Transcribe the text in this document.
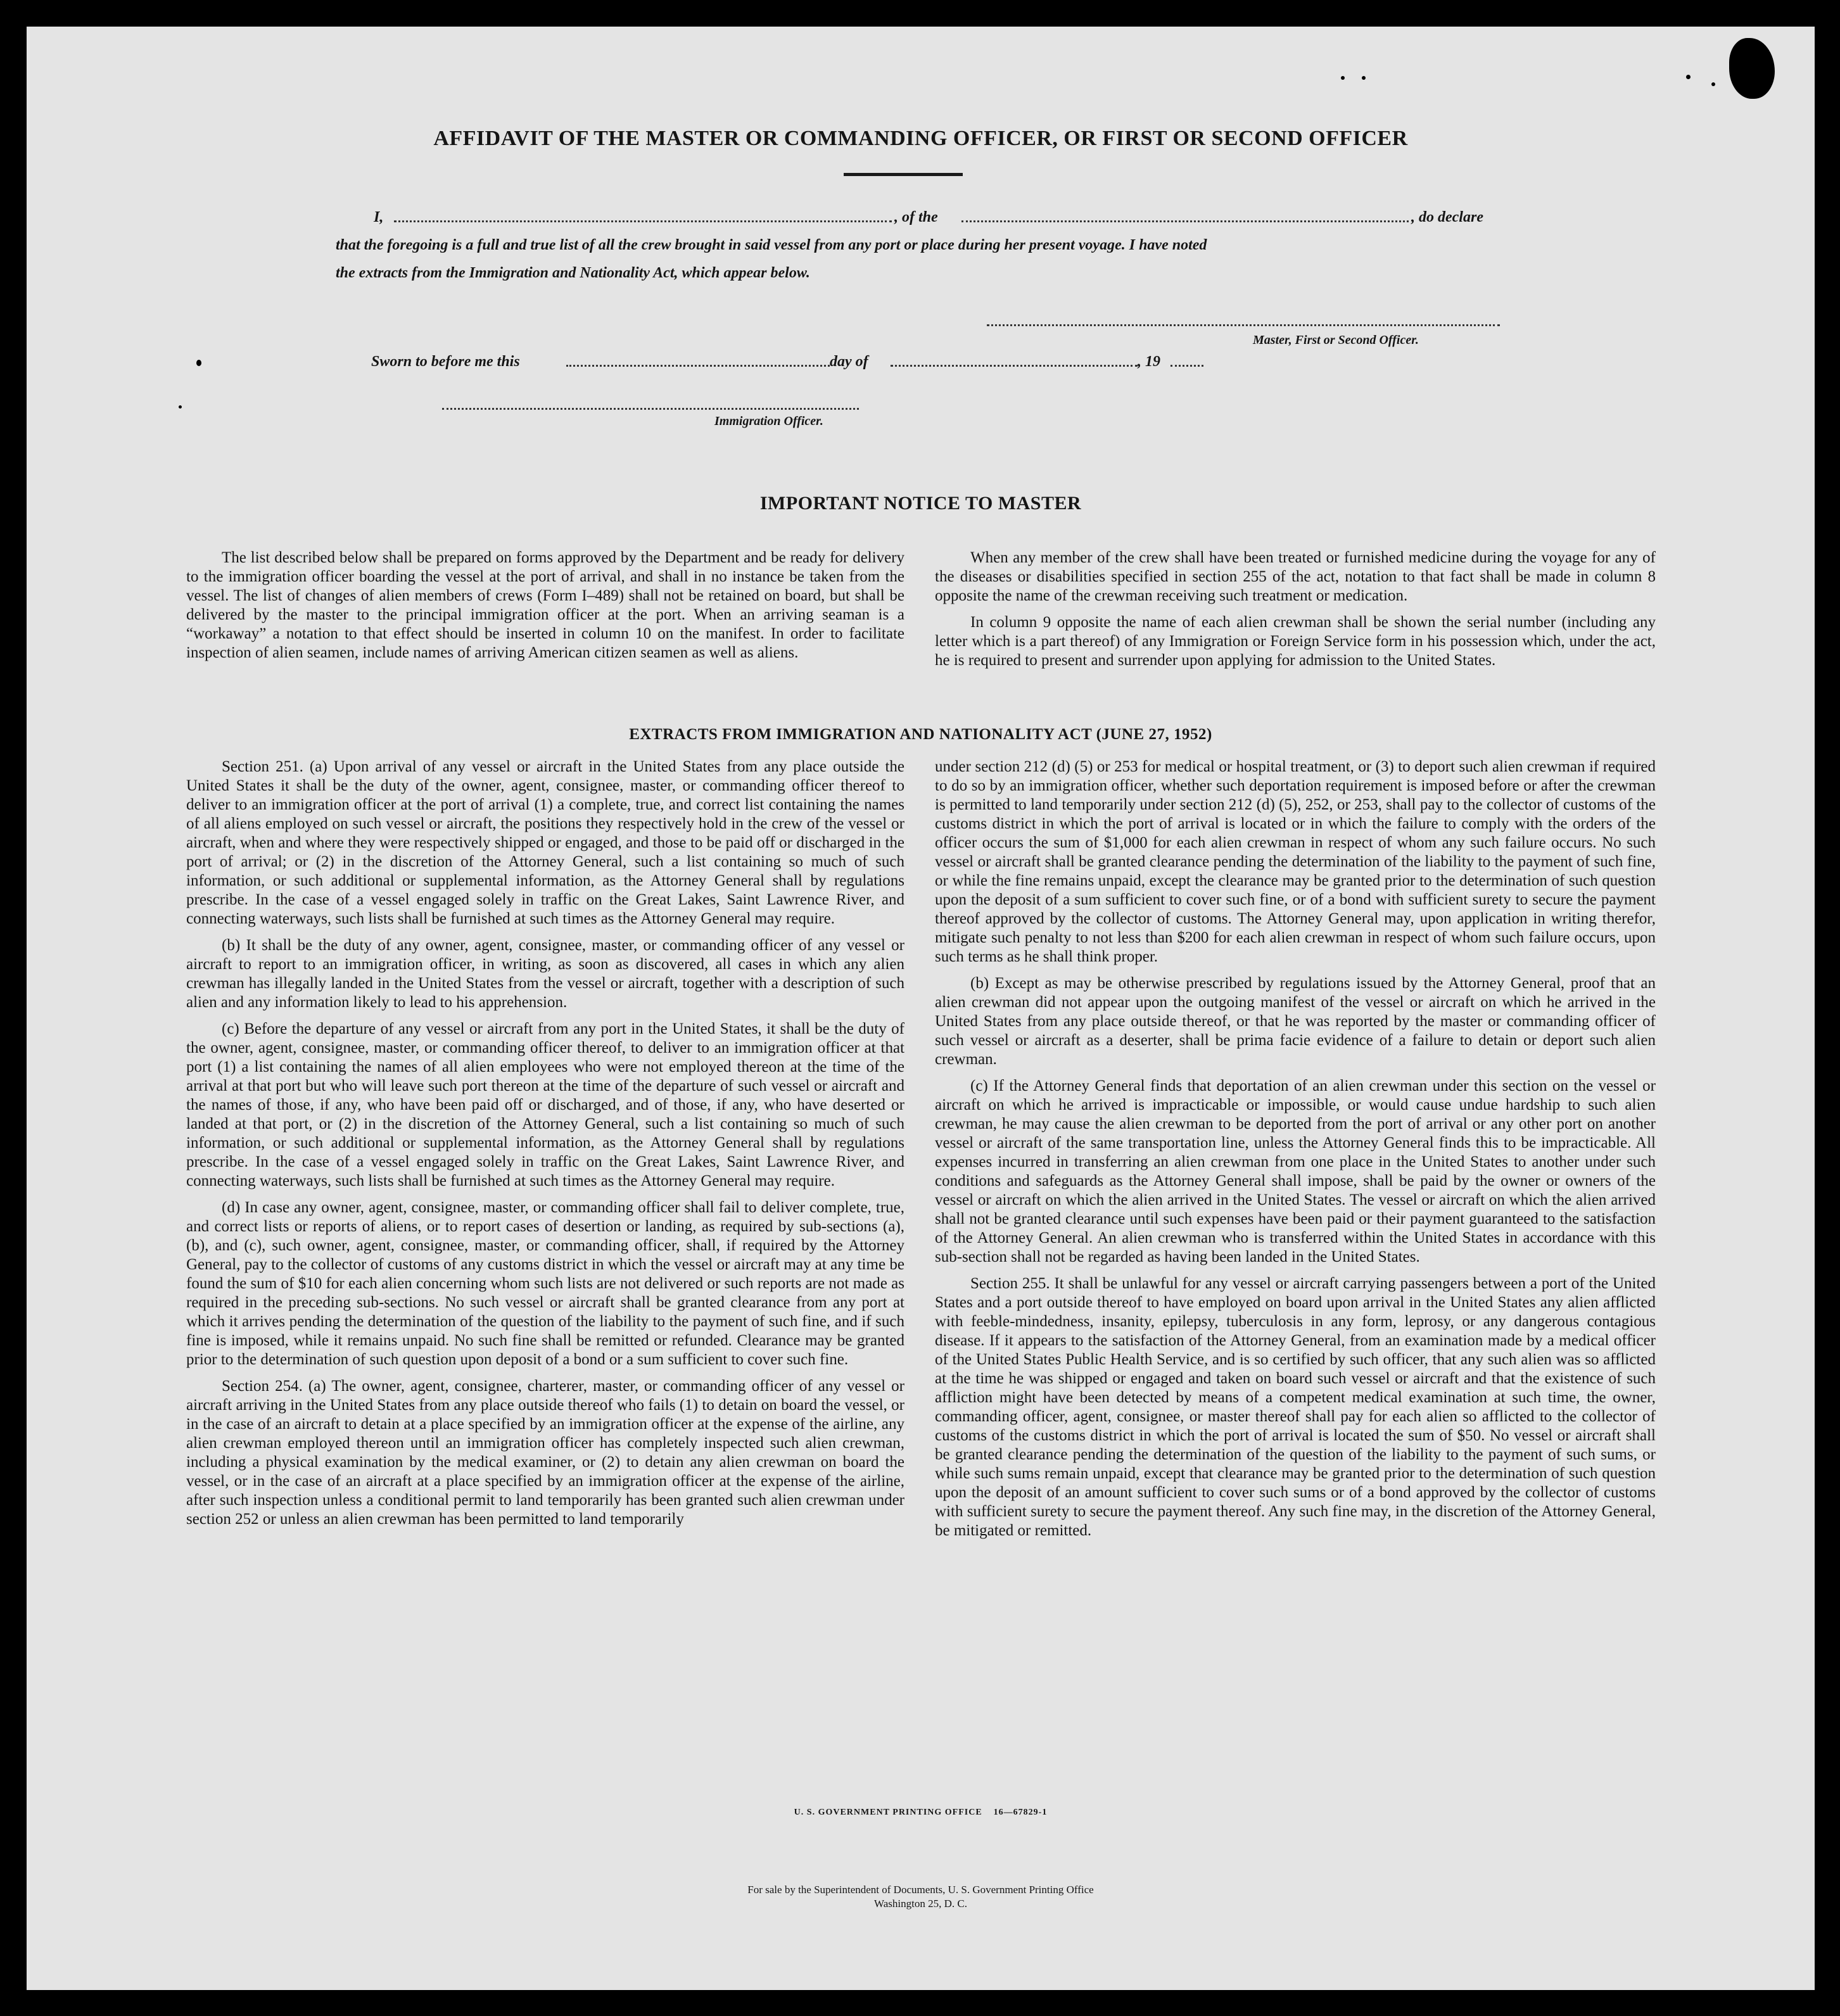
AFFIDAVIT OF THE MASTER OR COMMANDING OFFICER, OR FIRST OR SECOND OFFICER
I,	, of the	, do declare
that the foregoing is a full and true list of all the crew brought in said vessel from any port or place during her present voyage. I have noted
the extracts from the Immigration and Nationality Act, which appear below.
Master, First or Second Officer.
Sworn to before me this	day of	, 19
Immigration Officer.
IMPORTANT NOTICE TO MASTER

The list described below shall be prepared on forms approved by the Department and be ready for delivery to the immigration officer boarding the vessel at the port of arrival, and shall in no instance be taken from the vessel. The list of changes of alien members of crews (Form I–489) shall not be retained on board, but shall be delivered by the master to the principal immigration officer at the port. When an arriving seaman is a “workaway” a notation to that effect should be inserted in column 10 on the manifest. In order to facilitate inspection of alien seamen, include names of arriving American citizen seamen as well as aliens.

When any member of the crew shall have been treated or furnished medicine during the voyage for any of the diseases or disabilities specified in section 255 of the act, notation to that fact shall be made in column 8 opposite the name of the crewman receiving such treatment or medication.

In column 9 opposite the name of each alien crewman shall be shown the serial number (including any letter which is a part thereof) of any Immigration or Foreign Service form in his possession which, under the act, he is required to present and surrender upon applying for admission to the United States.

EXTRACTS FROM IMMIGRATION AND NATIONALITY ACT (JUNE 27, 1952)

Section 251. (a) Upon arrival of any vessel or aircraft in the United States from any place outside the United States it shall be the duty of the owner, agent, consignee, master, or commanding officer thereof to deliver to an immigration officer at the port of arrival (1) a complete, true, and correct list containing the names of all aliens employed on such vessel or aircraft, the positions they respectively hold in the crew of the vessel or aircraft, when and where they were respectively shipped or engaged, and those to be paid off or discharged in the port of arrival; or (2) in the discretion of the Attorney General, such a list containing so much of such information, or such additional or supplemental information, as the Attorney General shall by regulations prescribe. In the case of a vessel engaged solely in traffic on the Great Lakes, Saint Lawrence River, and connecting waterways, such lists shall be furnished at such times as the Attorney General may require.

(b) It shall be the duty of any owner, agent, consignee, master, or commanding officer of any vessel or aircraft to report to an immigration officer, in writing, as soon as discovered, all cases in which any alien crewman has illegally landed in the United States from the vessel or aircraft, together with a description of such alien and any information likely to lead to his apprehension.

(c) Before the departure of any vessel or aircraft from any port in the United States, it shall be the duty of the owner, agent, consignee, master, or commanding officer thereof, to deliver to an immigration officer at that port (1) a list containing the names of all alien employees who were not employed thereon at the time of the arrival at that port but who will leave such port thereon at the time of the departure of such vessel or aircraft and the names of those, if any, who have been paid off or discharged, and of those, if any, who have deserted or landed at that port, or (2) in the discretion of the Attorney General, such a list containing so much of such information, or such additional or supplemental information, as the Attorney General shall by regulations prescribe. In the case of a vessel engaged solely in traffic on the Great Lakes, Saint Lawrence River, and connecting waterways, such lists shall be furnished at such times as the Attorney General may require.

(d) In case any owner, agent, consignee, master, or commanding officer shall fail to deliver complete, true, and correct lists or reports of aliens, or to report cases of desertion or landing, as required by sub-sections (a), (b), and (c), such owner, agent, consignee, master, or commanding officer, shall, if required by the Attorney General, pay to the collector of customs of any customs district in which the vessel or aircraft may at any time be found the sum of $10 for each alien concerning whom such lists are not delivered or such reports are not made as required in the preceding sub-sections. No such vessel or aircraft shall be granted clearance from any port at which it arrives pending the determination of the question of the liability to the payment of such fine, and if such fine is imposed, while it remains unpaid. No such fine shall be remitted or refunded. Clearance may be granted prior to the determination of such question upon deposit of a bond or a sum sufficient to cover such fine.

Section 254. (a) The owner, agent, consignee, charterer, master, or commanding officer of any vessel or aircraft arriving in the United States from any place outside thereof who fails (1) to detain on board the vessel, or in the case of an aircraft to detain at a place specified by an immigration officer at the expense of the airline, any alien crewman employed thereon until an immigration officer has completely inspected such alien crewman, including a physical examination by the medical examiner, or (2) to detain any alien crewman on board the vessel, or in the case of an aircraft at a place specified by an immigration officer at the expense of the airline, after such inspection unless a conditional permit to land temporarily has been granted such alien crewman under section 252 or unless an alien crewman has been permitted to land temporarily

under section 212 (d) (5) or 253 for medical or hospital treatment, or (3) to deport such alien crewman if required to do so by an immigration officer, whether such deportation requirement is imposed before or after the crewman is permitted to land temporarily under section 212 (d) (5), 252, or 253, shall pay to the collector of customs of the customs district in which the port of arrival is located or in which the failure to comply with the orders of the officer occurs the sum of $1,000 for each alien crewman in respect of whom any such failure occurs. No such vessel or aircraft shall be granted clearance pending the determination of the liability to the payment of such fine, or while the fine remains unpaid, except the clearance may be granted prior to the determination of such question upon the deposit of a sum sufficient to cover such fine, or of a bond with sufficient surety to secure the payment thereof approved by the collector of customs. The Attorney General may, upon application in writing therefor, mitigate such penalty to not less than $200 for each alien crewman in respect of whom such failure occurs, upon such terms as he shall think proper.

(b) Except as may be otherwise prescribed by regulations issued by the Attorney General, proof that an alien crewman did not appear upon the outgoing manifest of the vessel or aircraft on which he arrived in the United States from any place outside thereof, or that he was reported by the master or commanding officer of such vessel or aircraft as a deserter, shall be prima facie evidence of a failure to detain or deport such alien crewman.

(c) If the Attorney General finds that deportation of an alien crewman under this section on the vessel or aircraft on which he arrived is impracticable or impossible, or would cause undue hardship to such alien crewman, he may cause the alien crewman to be deported from the port of arrival or any other port on another vessel or aircraft of the same transportation line, unless the Attorney General finds this to be impracticable. All expenses incurred in transferring an alien crewman from one place in the United States to another under such conditions and safeguards as the Attorney General shall impose, shall be paid by the owner or owners of the vessel or aircraft on which the alien arrived in the United States. The vessel or aircraft on which the alien arrived shall not be granted clearance until such expenses have been paid or their payment guaranteed to the satisfaction of the Attorney General. An alien crewman who is transferred within the United States in accordance with this sub-section shall not be regarded as having been landed in the United States.

Section 255. It shall be unlawful for any vessel or aircraft carrying passengers between a port of the United States and a port outside thereof to have employed on board upon arrival in the United States any alien afflicted with feeble-mindedness, insanity, epilepsy, tuberculosis in any form, leprosy, or any dangerous contagious disease. If it appears to the satisfaction of the Attorney General, from an examination made by a medical officer of the United States Public Health Service, and is so certified by such officer, that any such alien was so afflicted at the time he was shipped or engaged and taken on board such vessel or aircraft and that the existence of such affliction might have been detected by means of a competent medical examination at such time, the owner, commanding officer, agent, consignee, or master thereof shall pay for each alien so afflicted to the collector of customs of the customs district in which the port of arrival is located the sum of $50. No vessel or aircraft shall be granted clearance pending the determination of the question of the liability to the payment of such sums, or while such sums remain unpaid, except that clearance may be granted prior to the determination of such question upon the deposit of an amount sufficient to cover such sums or of a bond approved by the collector of customs with sufficient surety to secure the payment thereof. Any such fine may, in the discretion of the Attorney General, be mitigated or remitted.

U. S. GOVERNMENT PRINTING OFFICE    16—67829-1
For sale by the Superintendent of Documents, U. S. Government Printing Office
Washington 25, D. C.
